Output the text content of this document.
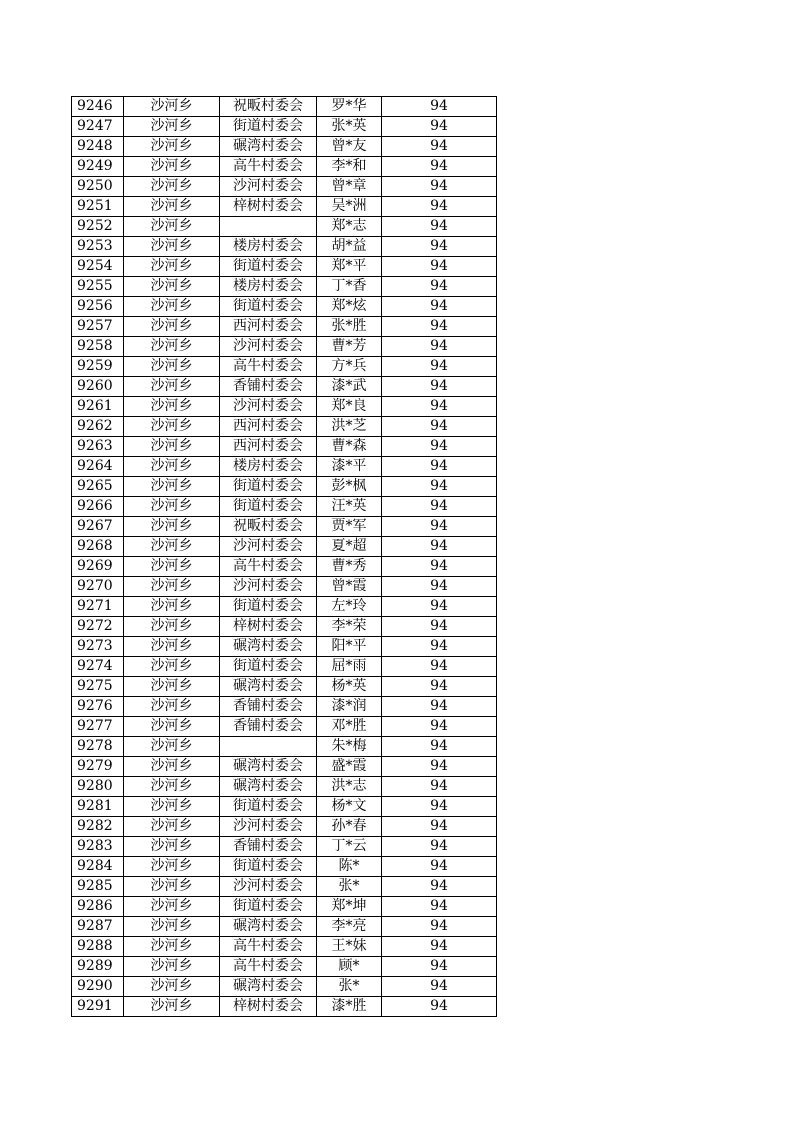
9246	沙河乡	祝畈村委会	罗*华	94
9247	沙河乡	街道村委会	张*英	94
9248	沙河乡	碾湾村委会	曾*友	94
9249	沙河乡	高牛村委会	李*和	94
9250	沙河乡	沙河村委会	曾*章	94
9251	沙河乡	梓树村委会	吴*洲	94
9252	沙河乡		郑*志	94
9253	沙河乡	楼房村委会	胡*益	94
9254	沙河乡	街道村委会	郑*平	94
9255	沙河乡	楼房村委会	丁*香	94
9256	沙河乡	街道村委会	郑*炫	94
9257	沙河乡	西河村委会	张*胜	94
9258	沙河乡	沙河村委会	曹*芳	94
9259	沙河乡	高牛村委会	方*兵	94
9260	沙河乡	香铺村委会	漆*武	94
9261	沙河乡	沙河村委会	郑*良	94
9262	沙河乡	西河村委会	洪*芝	94
9263	沙河乡	西河村委会	曹*森	94
9264	沙河乡	楼房村委会	漆*平	94
9265	沙河乡	街道村委会	彭*枫	94
9266	沙河乡	街道村委会	汪*英	94
9267	沙河乡	祝畈村委会	贾*军	94
9268	沙河乡	沙河村委会	夏*超	94
9269	沙河乡	高牛村委会	曹*秀	94
9270	沙河乡	沙河村委会	曾*霞	94
9271	沙河乡	街道村委会	左*玲	94
9272	沙河乡	梓树村委会	李*荣	94
9273	沙河乡	碾湾村委会	阳*平	94
9274	沙河乡	街道村委会	屈*雨	94
9275	沙河乡	碾湾村委会	杨*英	94
9276	沙河乡	香铺村委会	漆*润	94
9277	沙河乡	香铺村委会	邓*胜	94
9278	沙河乡		朱*梅	94
9279	沙河乡	碾湾村委会	盛*霞	94
9280	沙河乡	碾湾村委会	洪*志	94
9281	沙河乡	街道村委会	杨*文	94
9282	沙河乡	沙河村委会	孙*春	94
9283	沙河乡	香铺村委会	丁*云	94
9284	沙河乡	街道村委会	陈*	94
9285	沙河乡	沙河村委会	张*	94
9286	沙河乡	街道村委会	郑*坤	94
9287	沙河乡	碾湾村委会	李*亮	94
9288	沙河乡	高牛村委会	王*妹	94
9289	沙河乡	高牛村委会	顾*	94
9290	沙河乡	碾湾村委会	张*	94
9291	沙河乡	梓树村委会	漆*胜	94
